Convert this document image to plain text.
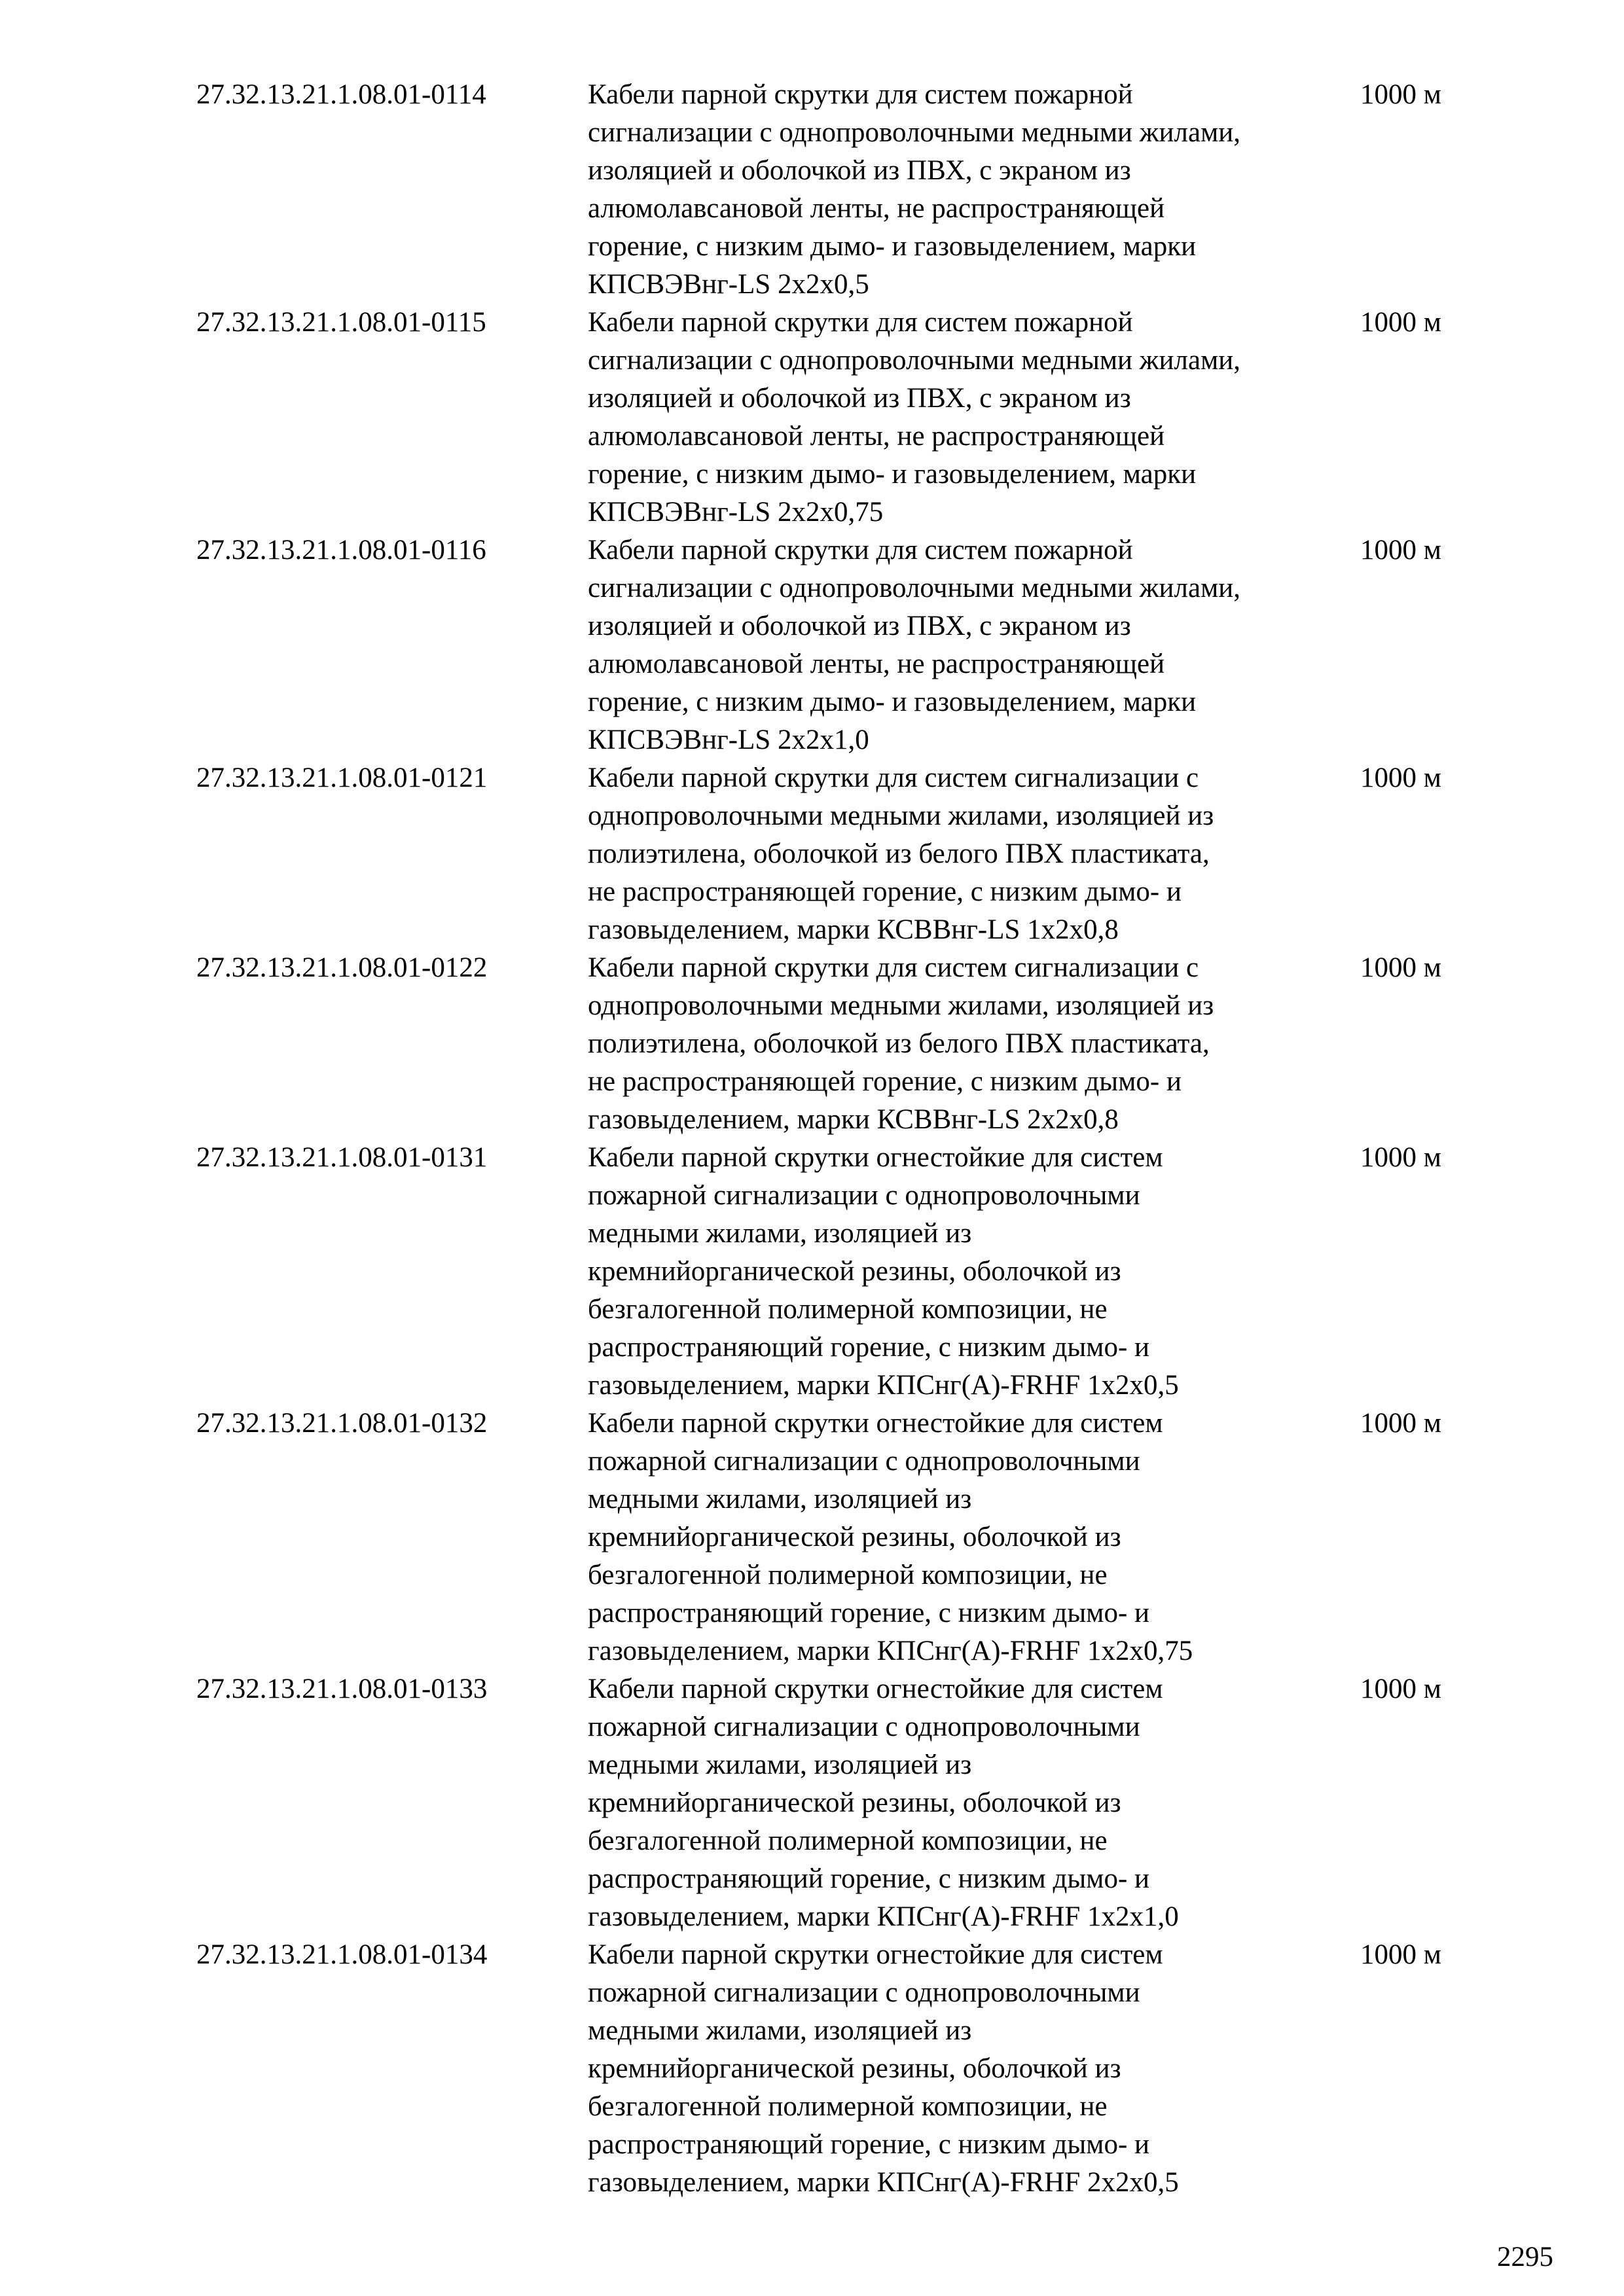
27.32.13.21.1.08.01-0114	Кабели парной скрутки для систем пожарной
сигнализации с однопроволочными медными жилами,
изоляцией и оболочкой из ПВХ, с экраном из
алюмолавсановой ленты, не распространяющей
горение, с низким дымо- и газовыделением, марки
КПСВЭВнг-LS 2х2х0,5
1000 м
27.32.13.21.1.08.01-0115	Кабели парной скрутки для систем пожарной
сигнализации с однопроволочными медными жилами,
изоляцией и оболочкой из ПВХ, с экраном из
алюмолавсановой ленты, не распространяющей
горение, с низким дымо- и газовыделением, марки
КПСВЭВнг-LS 2х2х0,75
1000 м
27.32.13.21.1.08.01-0116	Кабели парной скрутки для систем пожарной
сигнализации с однопроволочными медными жилами,
изоляцией и оболочкой из ПВХ, с экраном из
алюмолавсановой ленты, не распространяющей
горение, с низким дымо- и газовыделением, марки
КПСВЭВнг-LS 2х2х1,0
1000 м
27.32.13.21.1.08.01-0121	Кабели парной скрутки для систем сигнализации с
однопроволочными медными жилами, изоляцией из
полиэтилена, оболочкой из белого ПВХ пластиката,
не распространяющей горение, с низким дымо- и
газовыделением, марки КСВВнг-LS 1х2х0,8
1000 м
27.32.13.21.1.08.01-0122	Кабели парной скрутки для систем сигнализации с
однопроволочными медными жилами, изоляцией из
полиэтилена, оболочкой из белого ПВХ пластиката,
не распространяющей горение, с низким дымо- и
газовыделением, марки КСВВнг-LS 2х2х0,8
1000 м
27.32.13.21.1.08.01-0131	Кабели парной скрутки огнестойкие для систем
пожарной сигнализации с однопроволочными
медными жилами, изоляцией из
кремнийорганической резины, оболочкой из
безгалогенной полимерной композиции, не
распространяющий горение, с низким дымо- и
газовыделением, марки КПСнг(А)-FRHF 1х2х0,5
1000 м
27.32.13.21.1.08.01-0132	Кабели парной скрутки огнестойкие для систем
пожарной сигнализации с однопроволочными
медными жилами, изоляцией из
кремнийорганической резины, оболочкой из
безгалогенной полимерной композиции, не
распространяющий горение, с низким дымо- и
газовыделением, марки КПСнг(А)-FRHF 1х2х0,75
1000 м
27.32.13.21.1.08.01-0133	Кабели парной скрутки огнестойкие для систем
пожарной сигнализации с однопроволочными
медными жилами, изоляцией из
кремнийорганической резины, оболочкой из
безгалогенной полимерной композиции, не
распространяющий горение, с низким дымо- и
газовыделением, марки КПСнг(А)-FRHF 1х2х1,0
1000 м
27.32.13.21.1.08.01-0134	Кабели парной скрутки огнестойкие для систем
пожарной сигнализации с однопроволочными
медными жилами, изоляцией из
кремнийорганической резины, оболочкой из
безгалогенной полимерной композиции, не
распространяющий горение, с низким дымо- и
газовыделением, марки КПСнг(А)-FRHF 2х2х0,5
1000 м
2295
